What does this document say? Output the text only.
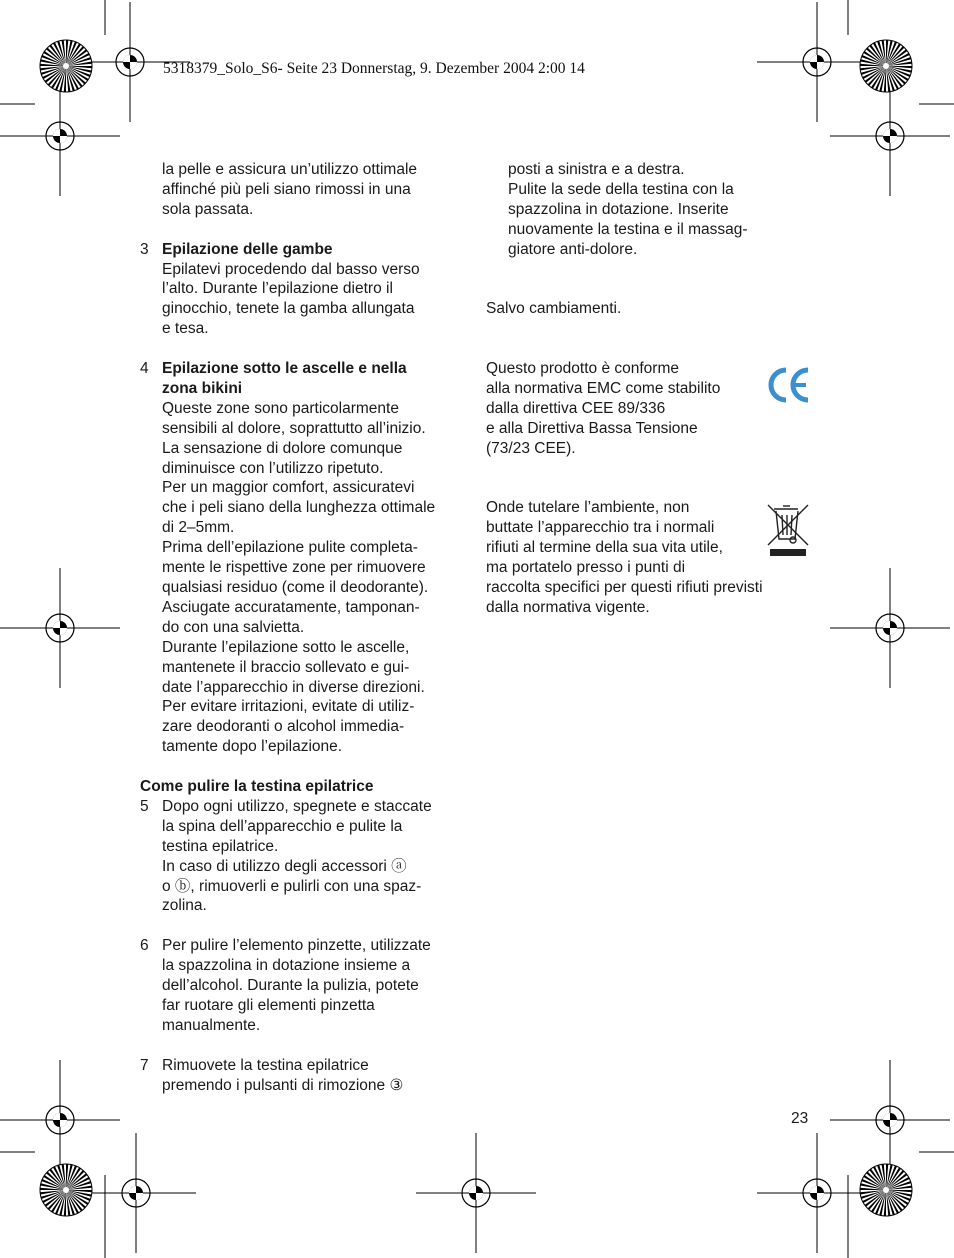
5318379_Solo_S6- Seite 23 Donnerstag, 9. Dezember 2004 2:00 14
la pelle e assicura un’utilizzo ottimale
affinché più peli siano rimossi in una
sola passata.
3 Epilazione delle gambe
Epilatevi procedendo dal basso verso
l’alto. Durante l’epilazione dietro il
ginocchio, tenete la gamba allungata
e tesa.
4 Epilazione sotto le ascelle e nella
zona bikini
Queste zone sono particolarmente
sensibili al dolore, soprattutto all’inizio.
La sensazione di dolore comunque
diminuisce con l’utilizzo ripetuto.
Per un maggior comfort, assicuratevi
che i peli siano della lunghezza ottimale
di 2–5mm.
Prima dell’epilazione pulite completa-
mente le rispettive zone per rimuovere
qualsiasi residuo (come il deodorante).
Asciugate accuratamente, tamponan-
do con una salvietta.
Durante l’epilazione sotto le ascelle,
mantenete il braccio sollevato e gui-
date l’apparecchio in diverse direzioni.
Per evitare irritazioni, evitate di utiliz-
zare deodoranti o alcohol immedia-
tamente dopo l’epilazione.
Come pulire la testina epilatrice
5 Dopo ogni utilizzo, spegnete e staccate
la spina dell’apparecchio e pulite la
testina epilatrice.
In caso di utilizzo degli accessori ⓐ
o ⓑ, rimuoverli e pulirli con una spaz-
zolina.
6 Per pulire l’elemento pinzette, utilizzate
la spazzolina in dotazione insieme a
dell’alcohol. Durante la pulizia, potete
far ruotare gli elementi pinzetta
manualmente.
7 Rimuovete la testina epilatrice
premendo i pulsanti di rimozione ③
posti a sinistra e a destra.
Pulite la sede della testina con la
spazzolina in dotazione. Inserite
nuovamente la testina e il massag-
giatore anti-dolore.
Salvo cambiamenti.
Questo prodotto è conforme
alla normativa EMC come stabilito
dalla direttiva CEE 89/336
e alla Direttiva Bassa Tensione
(73/23 CEE).
Onde tutelare l’ambiente, non
buttate l’apparecchio tra i normali
rifiuti al termine della sua vita utile,
ma portatelo presso i punti di
raccolta specifici per questi rifiuti previsti
dalla normativa vigente.
23
